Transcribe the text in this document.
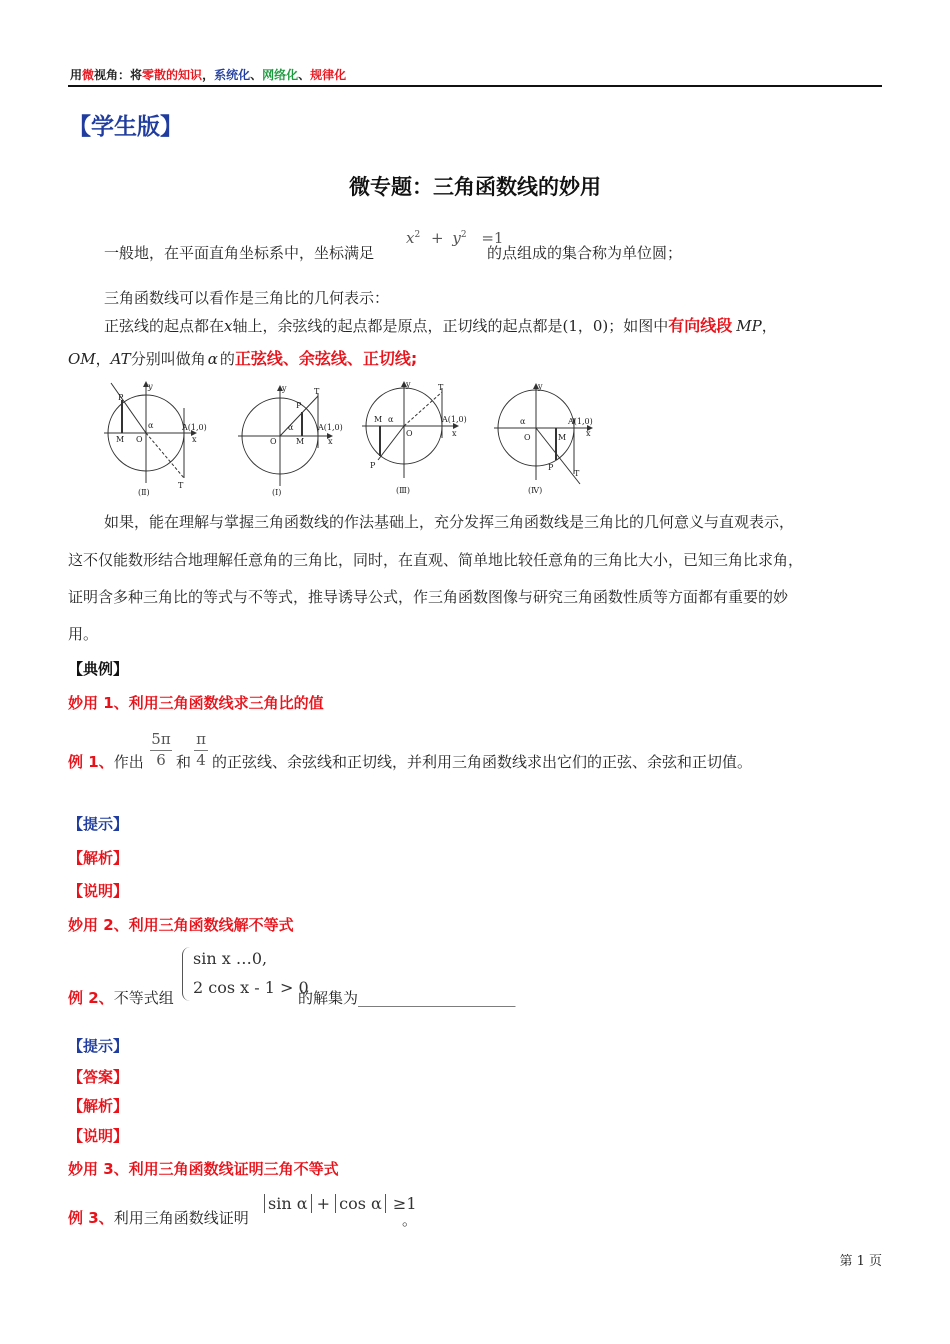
用微视角：将零散的知识，系统化、网络化、规律化
【学生版】
微专题：三角函数线的妙用
一般地，在平面直角坐标系中，坐标满足
$x^2 + y^2 =1$
的点组成的集合称为单位圆；
三角函数线可以看作是三角比的几何表示：
正弦线的起点都在x轴上，余弦线的起点都是原点，正切线的起点都是(1，0)；如图中有向线段 MP，
OM，AT分别叫做角 α 的正弦线、余弦线、正切线;
y
P
α	A(1,0)
x
M O
T
(Ⅱ)
y
P
T
α	A(1,0)
x
O M
(Ⅰ)
y	T
M α	A(1,0)
x
O
P
(Ⅲ)
y
α	A(1,0)
x
O	M
P
T
(Ⅳ)
如果，能在理解与掌握三角函数线的作法基础上，充分发挥三角函数线是三角比的几何意义与直观表示，
这不仅能数形结合地理解任意角的三角比，同时，在直观、简单地比较任意角的三角比大小，已知三角比求角，
证明含多种三角比的等式与不等式，推导诱导公式，作三角函数图像与研究三角函数性质等方面都有重要的妙
用。
【典例】
妙用 1、利用三角函数线求三角比的值
例 1、作出 $\frac{5\pi}{6}$ 和 $\frac{\pi}{4}$ 的正弦线、余弦线和正切线，并利用三角函数线求出它们的正弦、余弦和正切值。
【提示】
【解析】
【说明】
妙用 2、利用三角函数线解不等式
例 2、不等式组
sin x …0,
2 cos x - 1 > 0
的解集为_____________________
【提示】
【答案】
【解析】
【说明】
妙用 3、利用三角函数线证明三角不等式
例 3、利用三角函数线证明
sin α + cos α ≥1
。
第 1 页
